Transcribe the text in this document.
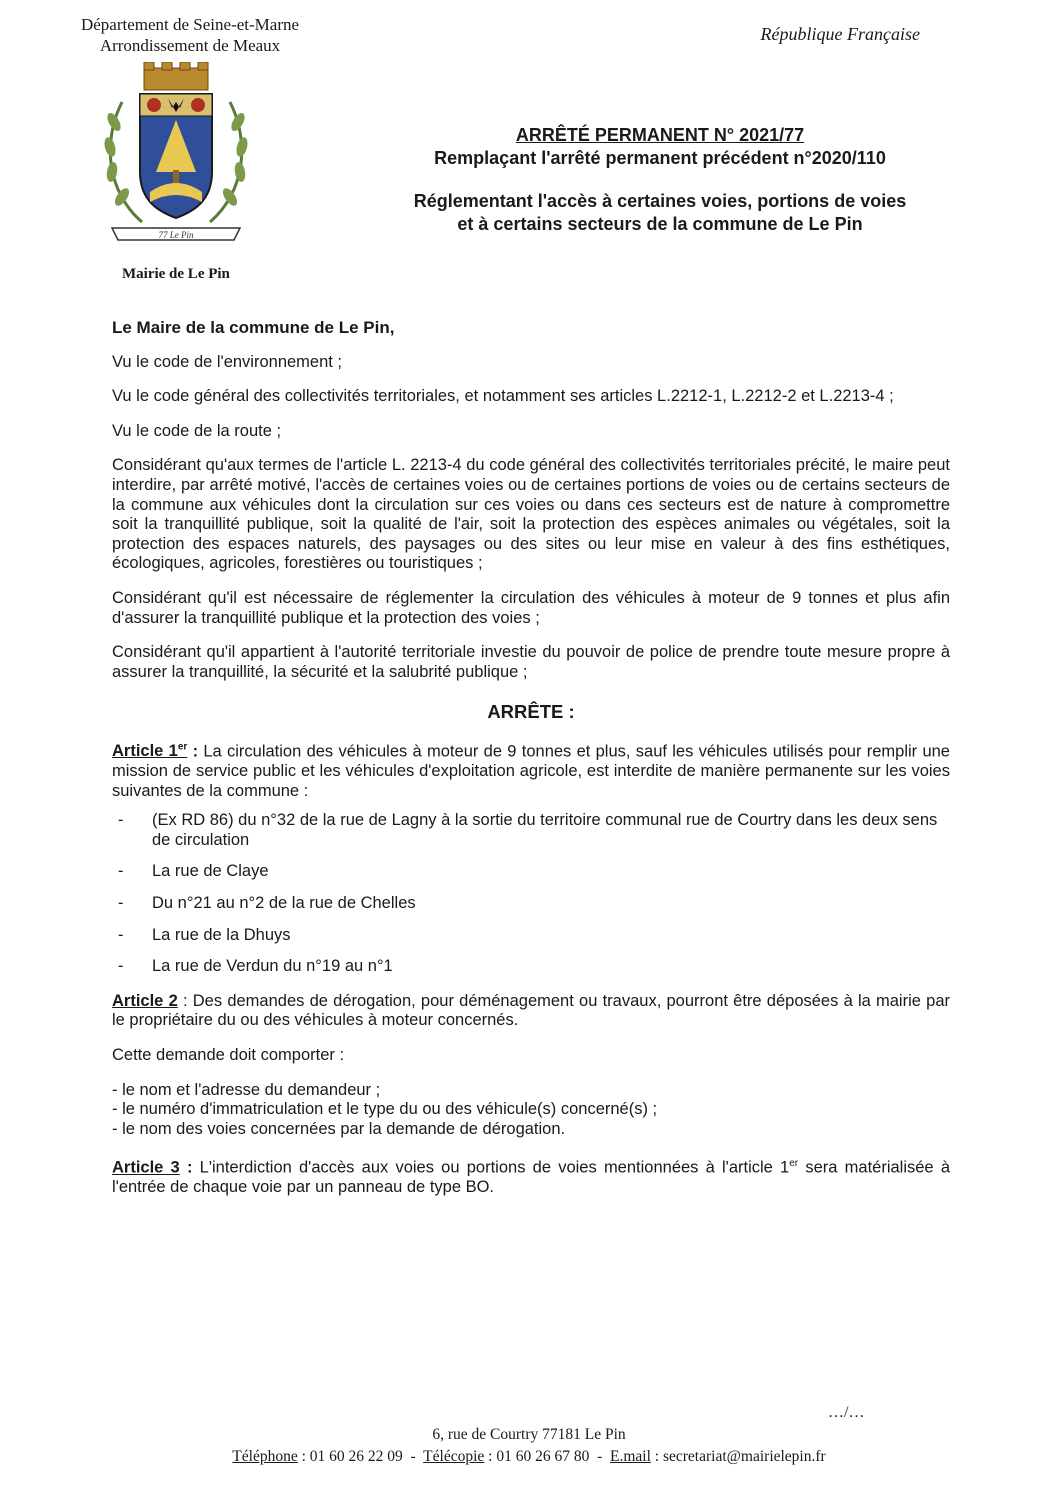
Département de Seine-et-Marne
Arrondissement de Meaux
République Française
77 Le Pin
Mairie de Le Pin
ARRÊTÉ PERMANENT N° 2021/77
Remplaçant l'arrêté permanent précédent n°2020/110
Réglementant l'accès à certaines voies, portions de voies
et à certains secteurs de la commune de Le Pin

Le Maire de la commune de Le Pin,

Vu le code de l'environnement ;

Vu le code général des collectivités territoriales, et notamment ses articles L.2212-1, L.2212-2 et L.2213-4 ;

Vu le code de la route ;

Considérant qu'aux termes de l'article L. 2213-4 du code général des collectivités territoriales précité, le maire peut interdire, par arrêté motivé, l'accès de certaines voies ou de certaines portions de voies ou de certains secteurs de la commune aux véhicules dont la circulation sur ces voies ou dans ces secteurs est de nature à compromettre soit la tranquillité publique, soit la qualité de l'air, soit la protection des espèces animales ou végétales, soit la protection des espaces naturels, des paysages ou des sites ou leur mise en valeur à des fins esthétiques, écologiques, agricoles, forestières ou touristiques ;

Considérant qu'il est nécessaire de réglementer la circulation des véhicules à moteur de 9 tonnes et plus afin d'assurer la tranquillité publique et la protection des voies ;

Considérant qu'il appartient à l'autorité territoriale investie du pouvoir de police de prendre toute mesure propre à assurer la tranquillité, la sécurité et la salubrité publique ;

ARRÊTE :

Article 1er : La circulation des véhicules à moteur de 9 tonnes et plus, sauf les véhicules utilisés pour remplir une mission de service public et les véhicules d'exploitation agricole, est interdite de manière permanente sur les voies suivantes de la commune :

- (Ex RD 86) du n°32 de la rue de Lagny à la sortie du territoire communal rue de Courtry dans les deux sens de circulation
- La rue de Claye
- Du n°21 au n°2 de la rue de Chelles
- La rue de la Dhuys
- La rue de Verdun du n°19 au n°1

Article 2 : Des demandes de dérogation, pour déménagement ou travaux, pourront être déposées à la mairie par le propriétaire du ou des véhicules à moteur concernés.

Cette demande doit comporter :

- le nom et l'adresse du demandeur ;

- le numéro d'immatriculation et le type du ou des véhicule(s) concerné(s) ;

- le nom des voies concernées par la demande de dérogation.

Article 3 : L'interdiction d'accès aux voies ou portions de voies mentionnées à l'article 1er sera matérialisée à l'entrée de chaque voie par un panneau de type BO.

…/…
6, rue de Courtry 77181 Le Pin
Téléphone : 01 60 26 22 09  -  Télécopie : 01 60 26 67 80  -  E.mail : secretariat@mairielepin.fr
